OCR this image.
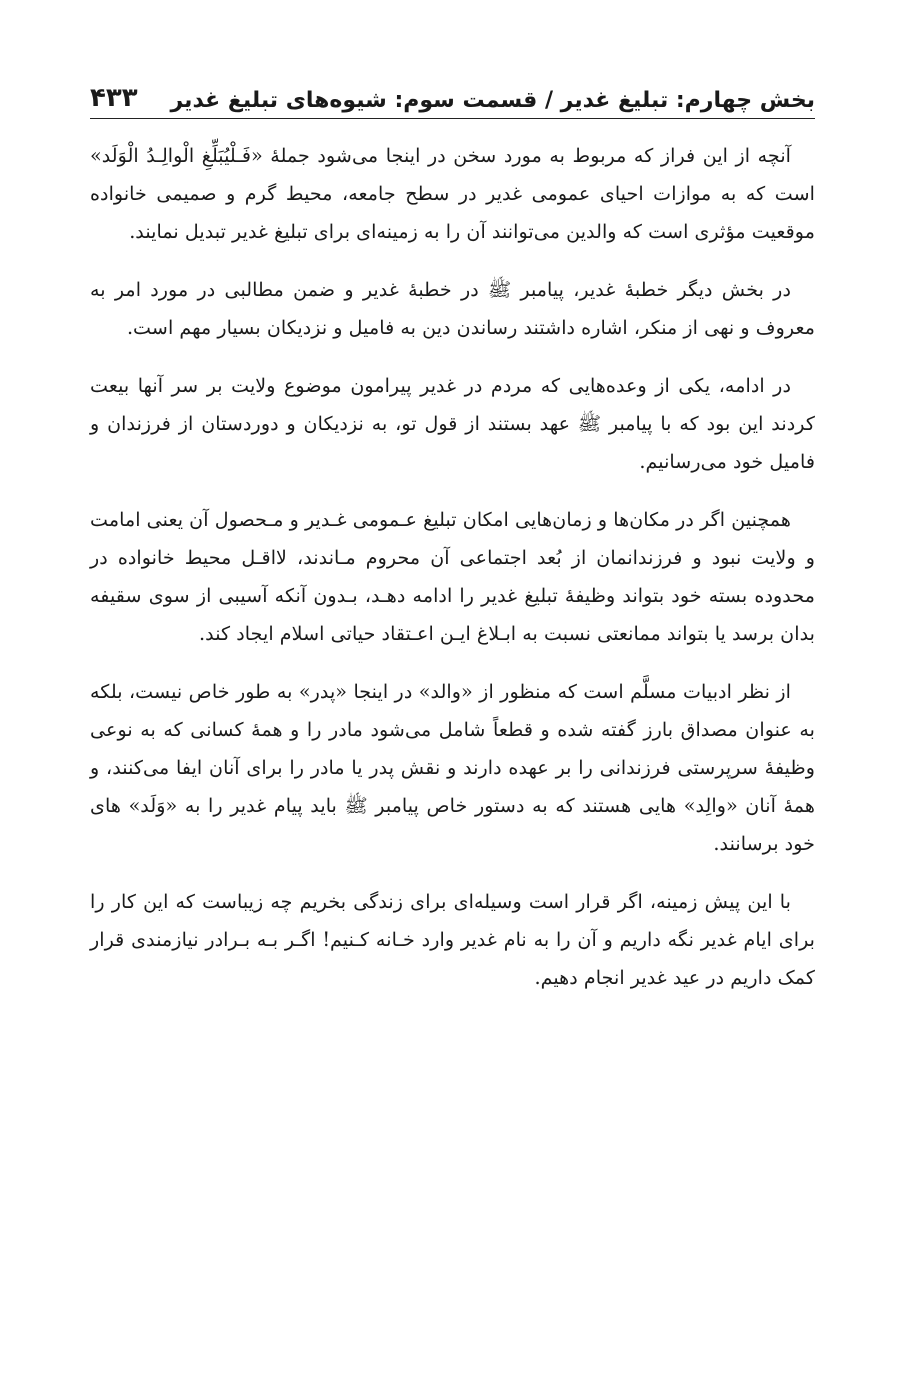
بخش چهارم: تبلیغ غدیر / قسمت سوم: شیوه‌های تبلیغ غدیر
۴۳۳

آنچه از این فراز که مربوط به مورد سخن در اینجا می‌شود جملهٔ «فَـلْيُبَلِّغِ الْوالِـدُ الْوَلَد» است که به موازات احیای عمومی غدیر در سطح جامعه، محیط گرم و صمیمی خانواده موقعیت مؤثری است که والدین می‌توانند آن را به زمینه‌ای برای تبلیغ غدیر تبدیل نمایند.

در بخش دیگر خطبهٔ غدیر، پیامبر ﷺ در خطبهٔ غدیر و ضمن مطالبی در مورد امر به معروف و نهی از منکر، اشاره داشتند رساندن دین به فامیل و نزدیکان بسیار مهم است.

در ادامه، یکی از وعده‌هایی که مردم در غدیر پیرامون موضوع ولایت بر سر آنها بیعت کردند این بود که با پیامبر ﷺ عهد بستند از قول تو، به نزدیکان و دوردستان از فرزندان و فامیل خود می‌رسانیم.

همچنین اگر در مکان‌ها و زمان‌هایی امکان تبلیغ عـمومی غـدیر و مـحصول آن یعنی امامت و ولایت نبود و فرزندانمان از بُعد اجتماعی آن محروم مـاندند، لااقـل محیط خانواده در محدوده بسته خود بتواند وظیفهٔ تبلیغ غدیر را ادامه دهـد، بـدون آنکه آسیبی از سوی سقیفه بدان برسد یا بتواند ممانعتی نسبت به ابـلاغ ایـن اعـتقاد حیاتی اسلام ایجاد کند.

از نظر ادبیات مسلَّم است که منظور از «والد» در اینجا «پدر» به طور خاص نیست، بلکه به عنوان مصداق بارز گفته شده و قطعاً شامل می‌شود مادر را و همهٔ کسانی که به نوعی وظیفهٔ سرپرستی فرزندانی را بر عهده دارند و نقش پدر یا مادر را برای آنان ایفا می‌کنند، و همهٔ آنان «والِد» هایی هستند که به دستور خاص پیامبر ﷺ باید پیام غدیر را به «وَلَد» های خود برسانند.

با این پیش زمینه، اگر قرار است وسیله‌ای برای زندگی بخریم چه زیباست که این کار را برای ایام غدیر نگه داریم و آن را به نام غدیر وارد خـانه کـنیم! اگـر بـه بـرادر نیازمندی قرار کمک داریم در عید غدیر انجام دهیم.
